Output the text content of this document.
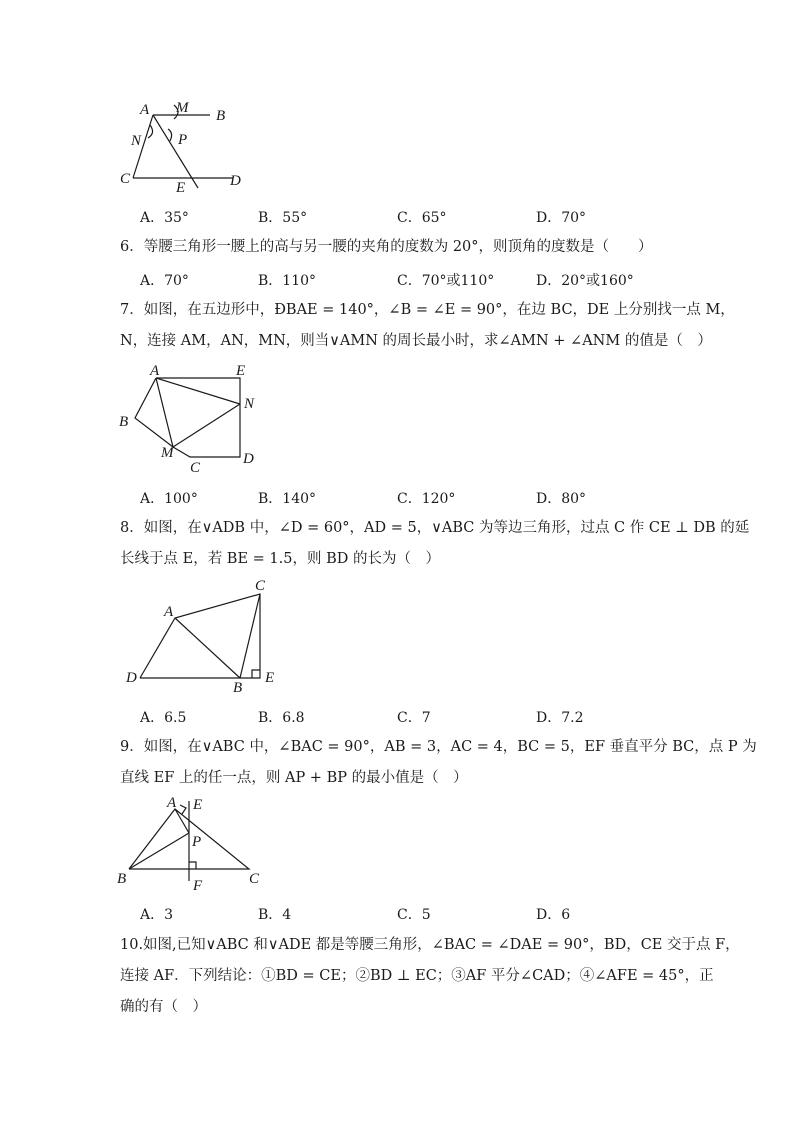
A M B
N P
C
E	D
A．35°	B．55°	C．65°	D．70°
6．等腰三角形一腰上的高与另一腰的夹角的度数为 20°，则顶角的度数是（　　）
A．70°	B．110°	C．70°或110°	D．20°或160°
7．如图，在五边形中，ÐBAE = 140°，∠B = ∠E = 90°，在边 BC，DE 上分别找一点 M，
N，连接 AM，AN，MN，则当∨AMN 的周长最小时，求∠AMN + ∠ANM 的值是（　）
A	E
B
N
M
C
D
A．100°	B．140°	C．120°	D．80°
8．如图，在∨ADB 中，∠D = 60°，AD = 5，∨ABC 为等边三角形，过点 C 作 CE ⊥ DB 的延
长线于点 E，若 BE = 1.5，则 BD 的长为（　）
C
A
D
B
E
A．6.5	B．6.8	C．7	D．7.2
9．如图，在∨ABC 中，∠BAC = 90°，AB = 3，AC = 4，BC = 5，EF 垂直平分 BC，点 P 为
直线 EF 上的任一点，则 AP + BP 的最小值是（　）
A E
P
B	F	C
A．3	B．4	C．5	D．6
10.如图,已知∨ABC 和∨ADE 都是等腰三角形，∠BAC = ∠DAE = 90°，BD，CE 交于点 F，
连接 AF．下列结论：①BD = CE；②BD ⊥ EC；③AF 平分∠CAD；④∠AFE = 45°，正
确的有（　）
